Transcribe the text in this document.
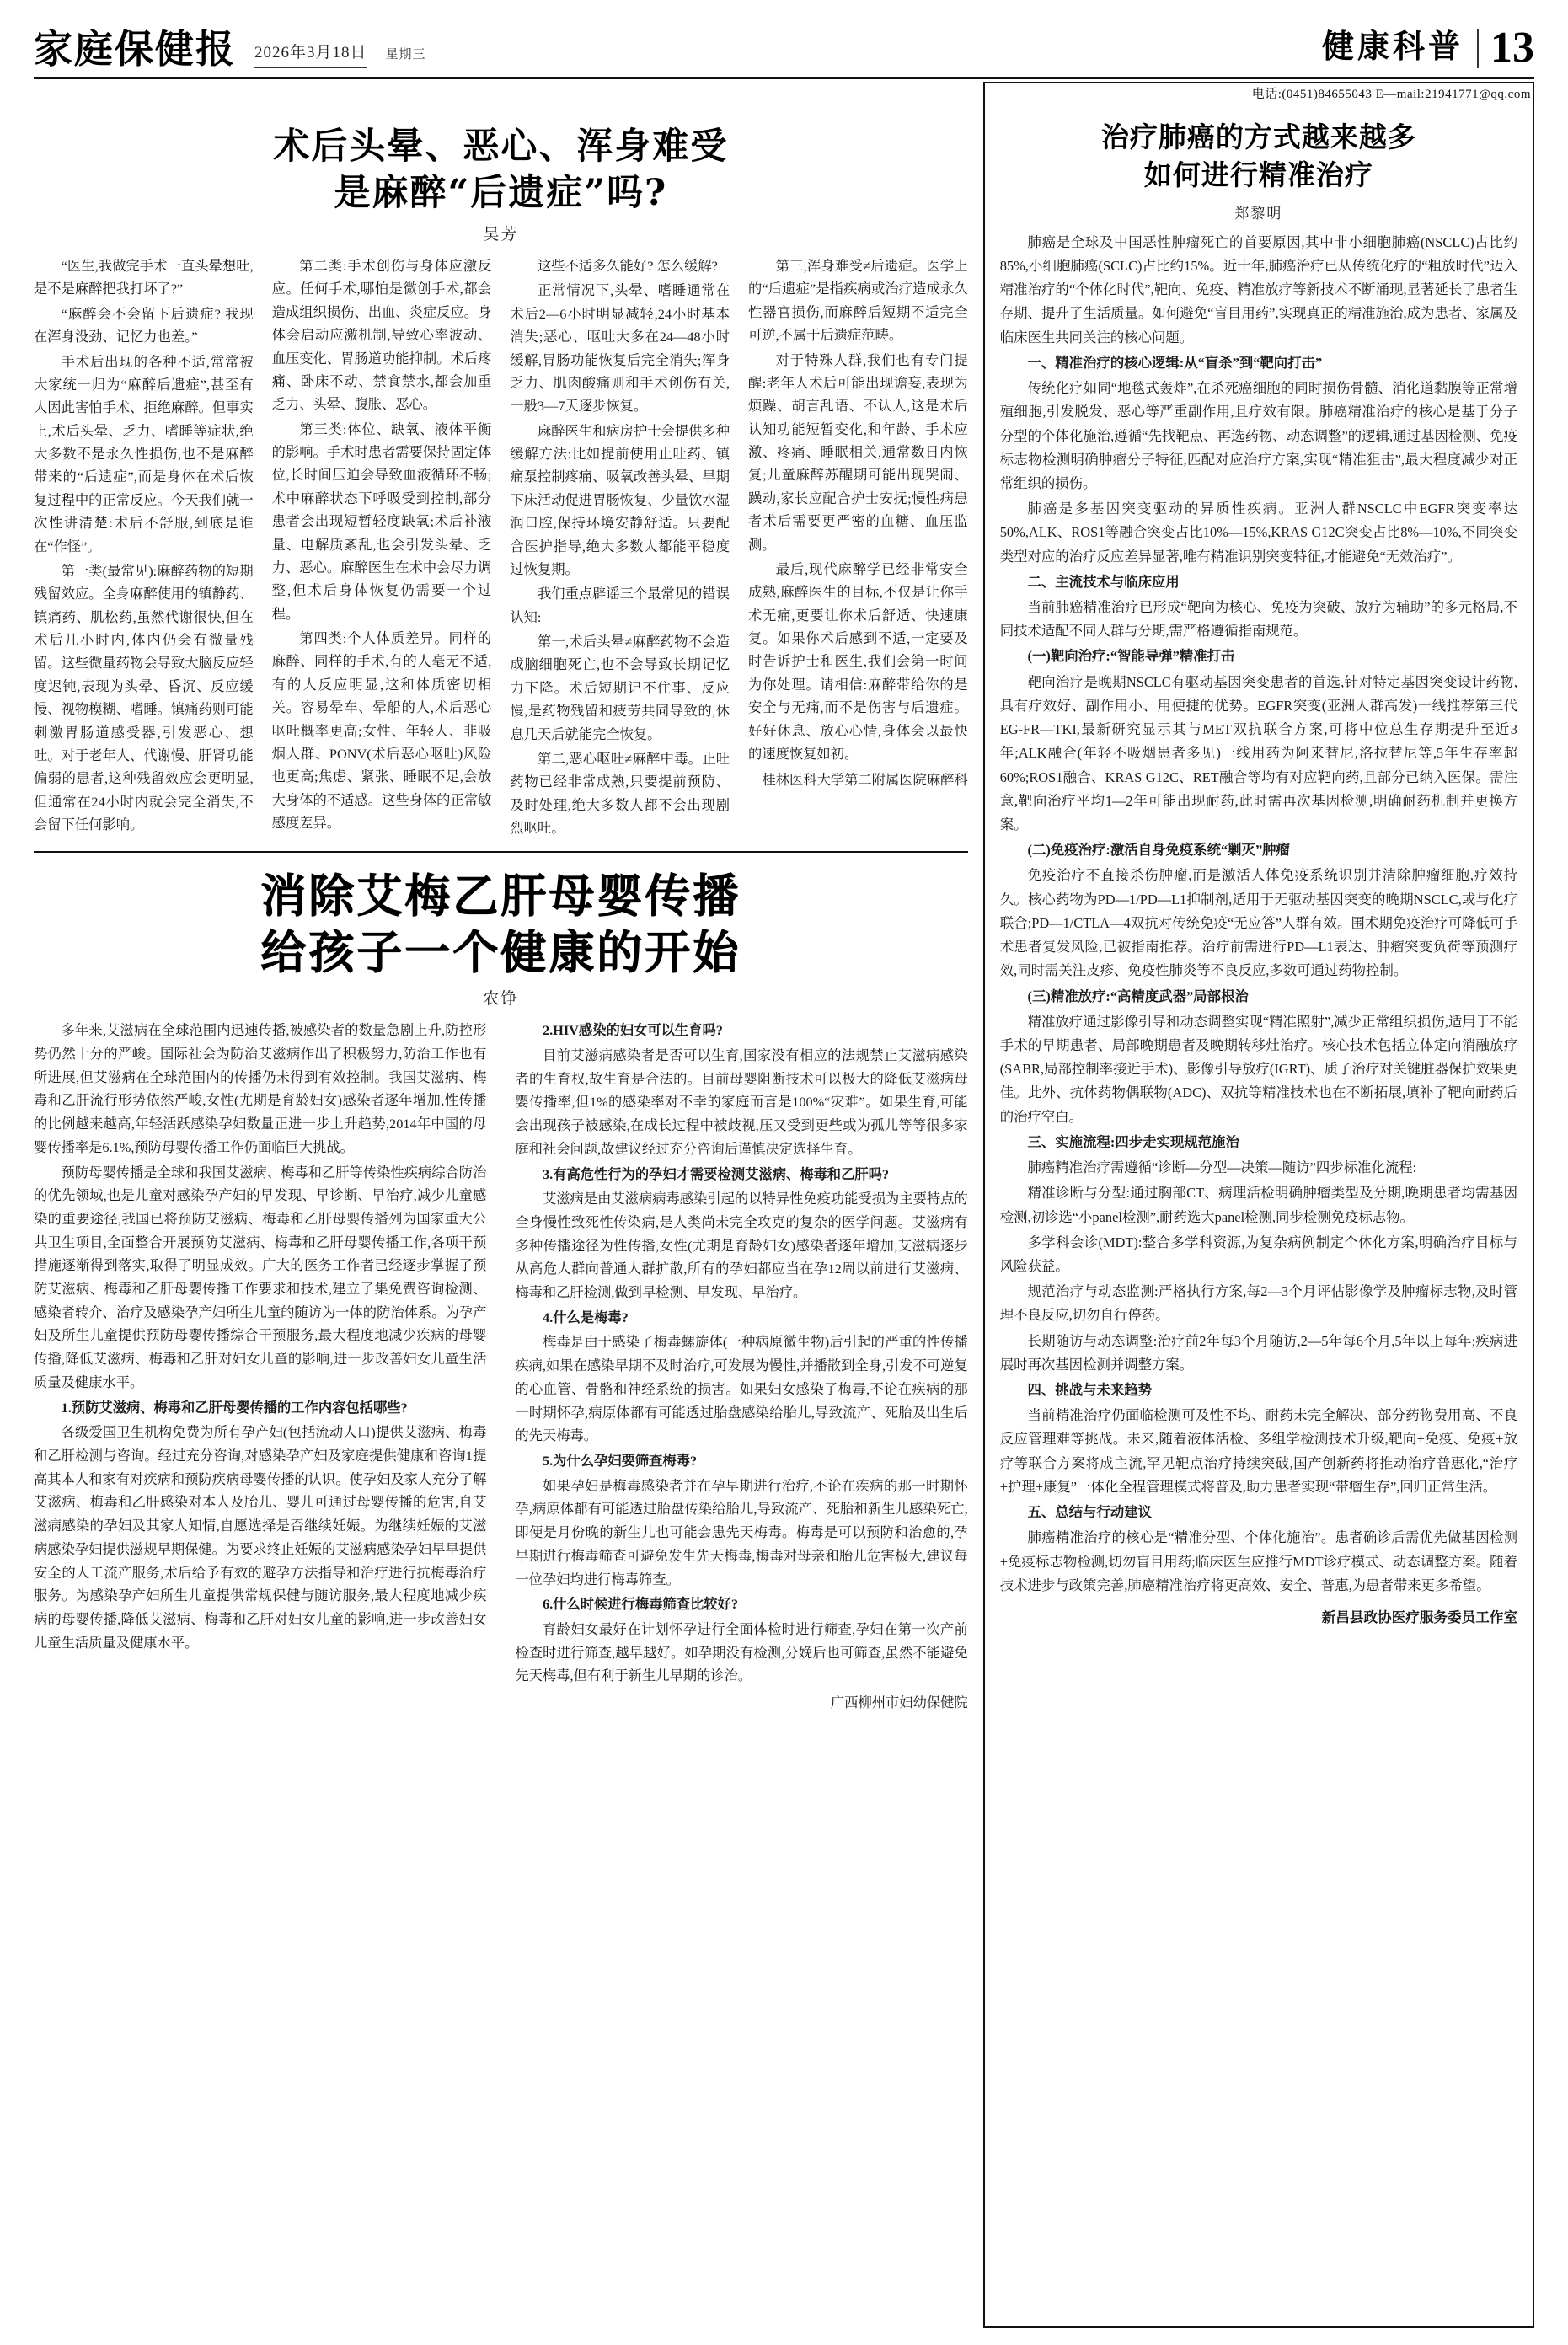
家庭保健报 2026年3月18日 星期三	健康科普 13
电话:(0451)84655043 E—mail:21941771@qq.com
术后头晕、恶心、浑身难受
是麻醉“后遗症”吗?
吴芳

“医生,我做完手术一直头晕想吐,是不是麻醉把我打坏了?”

“麻醉会不会留下后遗症? 我现在浑身没劲、记忆力也差。”

手术后出现的各种不适,常常被大家统一归为“麻醉后遗症”,甚至有人因此害怕手术、拒绝麻醉。但事实上,术后头晕、乏力、嗜睡等症状,绝大多数不是永久性损伤,也不是麻醉带来的“后遗症”,而是身体在术后恢复过程中的正常反应。今天我们就一次性讲清楚:术后不舒服,到底是谁在“作怪”。

第一类(最常见):麻醉药物的短期残留效应。全身麻醉使用的镇静药、镇痛药、肌松药,虽然代谢很快,但在术后几小时内,体内仍会有微量残留。这些微量药物会导致大脑反应轻度迟钝,表现为头晕、昏沉、反应缓慢、视物模糊、嗜睡。镇痛药则可能刺激胃肠道感受器,引发恶心、想吐。对于老年人、代谢慢、肝肾功能偏弱的患者,这种残留效应会更明显,但通常在24小时内就会完全消失,不会留下任何影响。

第二类:手术创伤与身体应激反应。任何手术,哪怕是微创手术,都会造成组织损伤、出血、炎症反应。身体会启动应激机制,导致心率波动、血压变化、胃肠道功能抑制。术后疼痛、卧床不动、禁食禁水,都会加重乏力、头晕、腹胀、恶心。

第三类:体位、缺氧、液体平衡的影响。手术时患者需要保持固定体位,长时间压迫会导致血液循环不畅;术中麻醉状态下呼吸受到控制,部分患者会出现短暂轻度缺氧;术后补液量、电解质紊乱,也会引发头晕、乏力、恶心。麻醉医生在术中会尽力调整,但术后身体恢复仍需要一个过程。

第四类:个人体质差异。同样的麻醉、同样的手术,有的人毫无不适,有的人反应明显,这和体质密切相关。容易晕车、晕船的人,术后恶心呕吐概率更高;女性、年轻人、非吸烟人群、PONV(术后恶心呕吐)风险也更高;焦虑、紧张、睡眠不足,会放大身体的不适感。这些身体的正常敏感度差异。

这些不适多久能好? 怎么缓解?

正常情况下,头晕、嗜睡通常在术后2—6小时明显减轻,24小时基本消失;恶心、呕吐大多在24—48小时缓解,胃肠功能恢复后完全消失;浑身乏力、肌肉酸痛则和手术创伤有关,一般3—7天逐步恢复。

麻醉医生和病房护士会提供多种缓解方法:比如提前使用止吐药、镇痛泵控制疼痛、吸氧改善头晕、早期下床活动促进胃肠恢复、少量饮水湿润口腔,保持环境安静舒适。只要配合医护指导,绝大多数人都能平稳度过恢复期。

我们重点辟谣三个最常见的错误认知:

第一,术后头晕≠麻醉药物不会造成脑细胞死亡,也不会导致长期记忆力下降。术后短期记不住事、反应慢,是药物残留和疲劳共同导致的,休息几天后就能完全恢复。

第二,恶心呕吐≠麻醉中毒。止吐药物已经非常成熟,只要提前预防、及时处理,绝大多数人都不会出现剧烈呕吐。

第三,浑身难受≠后遗症。医学上的“后遗症”是指疾病或治疗造成永久性器官损伤,而麻醉后短期不适完全可逆,不属于后遗症范畴。

对于特殊人群,我们也有专门提醒:老年人术后可能出现谵妄,表现为烦躁、胡言乱语、不认人,这是术后认知功能短暂变化,和年龄、手术应激、疼痛、睡眠相关,通常数日内恢复;儿童麻醉苏醒期可能出现哭闹、躁动,家长应配合护士安抚;慢性病患者术后需要更严密的血糖、血压监测。

最后,现代麻醉学已经非常安全成熟,麻醉医生的目标,不仅是让你手术无痛,更要让你术后舒适、快速康复。如果你术后感到不适,一定要及时告诉护士和医生,我们会第一时间为你处理。请相信:麻醉带给你的是安全与无痛,而不是伤害与后遗症。好好休息、放心心情,身体会以最快的速度恢复如初。

桂林医科大学第二附属医院麻醉科
消除艾梅乙肝母婴传播
给孩子一个健康的开始
农铮

多年来,艾滋病在全球范围内迅速传播,被感染者的数量急剧上升,防控形势仍然十分的严峻。国际社会为防治艾滋病作出了积极努力,防治工作也有所进展,但艾滋病在全球范围内的传播仍未得到有效控制。我国艾滋病、梅毒和乙肝流行形势依然严峻,女性(尤期是育龄妇女)感染者逐年增加,性传播的比例越来越高,年轻活跃感染孕妇数量正进一步上升趋势,2014年中国的母婴传播率是6.1%,预防母婴传播工作仍面临巨大挑战。

预防母婴传播是全球和我国艾滋病、梅毒和乙肝等传染性疾病综合防治的优先领域,也是儿童对感染孕产妇的早发现、早诊断、早治疗,减少儿童感染的重要途径,我国已将预防艾滋病、梅毒和乙肝母婴传播列为国家重大公共卫生项目,全面整合开展预防艾滋病、梅毒和乙肝母婴传播工作,各项干预措施逐渐得到落实,取得了明显成效。广大的医务工作者已经逐步掌握了预防艾滋病、梅毒和乙肝母婴传播工作要求和技术,建立了集免费咨询检测、感染者转介、治疗及感染孕产妇所生儿童的随访为一体的防治体系。为孕产妇及所生儿童提供预防母婴传播综合干预服务,最大程度地减少疾病的母婴传播,降低艾滋病、梅毒和乙肝对妇女儿童的影响,进一步改善妇女儿童生活质量及健康水平。

1.预防艾滋病、梅毒和乙肝母婴传播的工作内容包括哪些?

各级爱国卫生机构免费为所有孕产妇(包括流动人口)提供艾滋病、梅毒和乙肝检测与咨询。经过充分咨询,对感染孕产妇及家庭提供健康和咨询1提高其本人和家有对疾病和预防疾病母婴传播的认识。使孕妇及家人充分了解艾滋病、梅毒和乙肝感染对本人及胎儿、婴儿可通过母婴传播的危害,自艾滋病感染的孕妇及其家人知情,自愿选择是否继续妊娠。为继续妊娠的艾滋病感染孕妇提供滋规早期保健。为要求终止妊娠的艾滋病感染孕妇早早提供安全的人工流产服务,术后给予有效的避孕方法指导和治疗进行抗梅毒治疗服务。为感染孕产妇所生儿童提供常规保健与随访服务,最大程度地减少疾病的母婴传播,降低艾滋病、梅毒和乙肝对妇女儿童的影响,进一步改善妇女儿童生活质量及健康水平。

2.HIV感染的妇女可以生育吗?

目前艾滋病感染者是否可以生育,国家没有相应的法规禁止艾滋病感染者的生育权,故生育是合法的。目前母婴阻断技术可以极大的降低艾滋病母婴传播率,但1%的感染率对不幸的家庭而言是100%“灾难”。如果生育,可能会出现孩子被感染,在成长过程中被歧视,压又受到更些或为孤儿等等很多家庭和社会问题,故建议经过充分咨询后谨慎决定选择生育。

3.有高危性行为的孕妇才需要检测艾滋病、梅毒和乙肝吗?

艾滋病是由艾滋病病毒感染引起的以特异性免疫功能受损为主要特点的全身慢性致死性传染病,是人类尚未完全攻克的复杂的医学问题。艾滋病有多种传播途径为性传播,女性(尤期是育龄妇女)感染者逐年增加,艾滋病逐步从高危人群向普通人群扩散,所有的孕妇都应当在孕12周以前进行艾滋病、梅毒和乙肝检测,做到早检测、早发现、早治疗。

4.什么是梅毒?

梅毒是由于感染了梅毒螺旋体(一种病原微生物)后引起的严重的性传播疾病,如果在感染早期不及时治疗,可发展为慢性,并播散到全身,引发不可逆复的心血管、骨骼和神经系统的损害。如果妇女感染了梅毒,不论在疾病的那一时期怀孕,病原体都有可能透过胎盘感染给胎儿,导致流产、死胎及出生后的先天梅毒。

5.为什么孕妇要筛查梅毒?

如果孕妇是梅毒感染者并在孕早期进行治疗,不论在疾病的那一时期怀孕,病原体都有可能透过胎盘传染给胎儿,导致流产、死胎和新生儿感染死亡,即便是月份晚的新生儿也可能会患先天梅毒。梅毒是可以预防和治愈的,孕早期进行梅毒筛查可避免发生先天梅毒,梅毒对母亲和胎儿危害极大,建议每一位孕妇均进行梅毒筛查。

6.什么时候进行梅毒筛查比较好?

育龄妇女最好在计划怀孕进行全面体检时进行筛查,孕妇在第一次产前检查时进行筛查,越早越好。如孕期没有检测,分娩后也可筛查,虽然不能避免先天梅毒,但有利于新生儿早期的诊治。

广西柳州市妇幼保健院
治疗肺癌的方式越来越多
如何进行精准治疗
郑黎明

肺癌是全球及中国恶性肿瘤死亡的首要原因,其中非小细胞肺癌(NSCLC)占比约85%,小细胞肺癌(SCLC)占比约15%。近十年,肺癌治疗已从传统化疗的“粗放时代”迈入精准治疗的“个体化时代”,靶向、免疫、精准放疗等新技术不断涌现,显著延长了患者生存期、提升了生活质量。如何避免“盲目用药”,实现真正的精准施治,成为患者、家属及临床医生共同关注的核心问题。

一、精准治疗的核心逻辑:从“盲杀”到“靶向打击”

传统化疗如同“地毯式轰炸”,在杀死癌细胞的同时损伤骨髓、消化道黏膜等正常增殖细胞,引发脱发、恶心等严重副作用,且疗效有限。肺癌精准治疗的核心是基于分子分型的个体化施治,遵循“先找靶点、再选药物、动态调整”的逻辑,通过基因检测、免疫标志物检测明确肿瘤分子特征,匹配对应治疗方案,实现“精准狙击”,最大程度减少对正常组织的损伤。

肺癌是多基因突变驱动的异质性疾病。亚洲人群NSCLC中EGFR突变率达50%,ALK、ROS1等融合突变占比10%—15%,KRAS G12C突变占比8%—10%,不同突变类型对应的治疗反应差异显著,唯有精准识别突变特征,才能避免“无效治疗”。

二、主流技术与临床应用

当前肺癌精准治疗已形成“靶向为核心、免疫为突破、放疗为辅助”的多元格局,不同技术适配不同人群与分期,需严格遵循指南规范。

(一)靶向治疗:“智能导弹”精准打击

靶向治疗是晚期NSCLC有驱动基因突变患者的首选,针对特定基因突变设计药物,具有疗效好、副作用小、用便捷的优势。EGFR突变(亚洲人群高发)一线推荐第三代EG-FR—TKI,最新研究显示其与MET双抗联合方案,可将中位总生存期提升至近3年;ALK融合(年轻不吸烟患者多见)一线用药为阿来替尼,洛拉替尼等,5年生存率超60%;ROS1融合、KRAS G12C、RET融合等均有对应靶向药,且部分已纳入医保。需注意,靶向治疗平均1—2年可能出现耐药,此时需再次基因检测,明确耐药机制并更换方案。

(二)免疫治疗:激活自身免疫系统“剿灭”肿瘤

免疫治疗不直接杀伤肿瘤,而是激活人体免疫系统识别并清除肿瘤细胞,疗效持久。核心药物为PD—1/PD—L1抑制剂,适用于无驱动基因突变的晚期NSCLC,或与化疗联合;PD—1/CTLA—4双抗对传统免疫“无应答”人群有效。围术期免疫治疗可降低可手术患者复发风险,已被指南推荐。治疗前需进行PD—L1表达、肿瘤突变负荷等预测疗效,同时需关注皮疹、免疫性肺炎等不良反应,多数可通过药物控制。

(三)精准放疗:“高精度武器”局部根治

精准放疗通过影像引导和动态调整实现“精准照射”,减少正常组织损伤,适用于不能手术的早期患者、局部晚期患者及晚期转移灶治疗。核心技术包括立体定向消融放疗(SABR,局部控制率接近手术)、影像引导放疗(IGRT)、质子治疗对关键脏器保护效果更佳。此外、抗体药物偶联物(ADC)、双抗等精准技术也在不断拓展,填补了靶向耐药后的治疗空白。

三、实施流程:四步走实现规范施治

肺癌精准治疗需遵循“诊断—分型—决策—随访”四步标准化流程:

精准诊断与分型:通过胸部CT、病理活检明确肿瘤类型及分期,晚期患者均需基因检测,初诊选“小panel检测”,耐药选大panel检测,同步检测免疫标志物。

多学科会诊(MDT):整合多学科资源,为复杂病例制定个体化方案,明确治疗目标与风险获益。

规范治疗与动态监测:严格执行方案,每2—3个月评估影像学及肿瘤标志物,及时管理不良反应,切勿自行停药。

长期随访与动态调整:治疗前2年每3个月随访,2—5年每6个月,5年以上每年;疾病进展时再次基因检测并调整方案。

四、挑战与未来趋势

当前精准治疗仍面临检测可及性不均、耐药未完全解决、部分药物费用高、不良反应管理难等挑战。未来,随着液体活检、多组学检测技术升级,靶向+免疫、免疫+放疗等联合方案将成主流,罕见靶点治疗持续突破,国产创新药将推动治疗普惠化,“治疗+护理+康复”一体化全程管理模式将普及,助力患者实现“带瘤生存”,回归正常生活。

五、总结与行动建议

肺癌精准治疗的核心是“精准分型、个体化施治”。患者确诊后需优先做基因检测+免疫标志物检测,切勿盲目用药;临床医生应推行MDT诊疗模式、动态调整方案。随着技术进步与政策完善,肺癌精准治疗将更高效、安全、普惠,为患者带来更多希望。

新昌县政协医疗服务委员工作室
